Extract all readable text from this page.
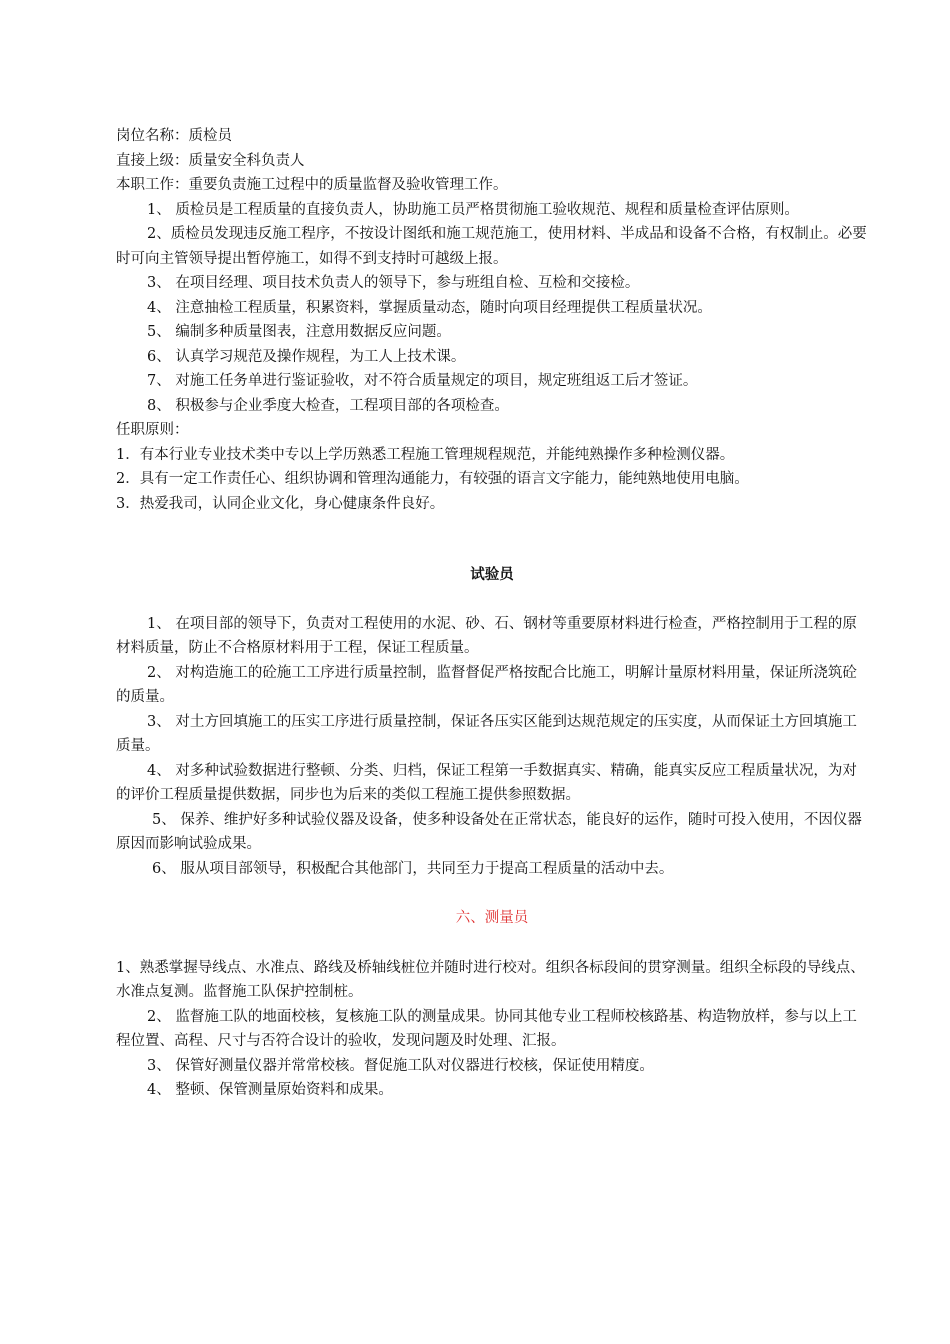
岗位名称：质检员

直接上级：质量安全科负责人

本职工作：重要负责施工过程中的质量监督及验收管理工作。

1、 质检员是工程质量的直接负责人，协助施工员严格贯彻施工验收规范、规程和质量检查评估原则。

2、质检员发现违反施工程序，不按设计图纸和施工规范施工，使用材料、半成品和设备不合格，有权制止。必要时可向主管领导提出暂停施工，如得不到支持时可越级上报。

3、 在项目经理、项目技术负责人的领导下，参与班组自检、互检和交接检。

4、 注意抽检工程质量，积累资料，掌握质量动态，随时向项目经理提供工程质量状况。

5、 编制多种质量图表，注意用数据反应问题。

6、 认真学习规范及操作规程，为工人上技术课。

7、 对施工任务单进行鉴证验收，对不符合质量规定的项目，规定班组返工后才签证。

8、 积极参与企业季度大检查，工程项目部的各项检查。

任职原则：

1．有本行业专业技术类中专以上学历熟悉工程施工管理规程规范，并能纯熟操作多种检测仪器。

2．具有一定工作责任心、组织协调和管理沟通能力，有较强的语言文字能力，能纯熟地使用电脑。

3．热爱我司，认同企业文化，身心健康条件良好。

试验员

1、 在项目部的领导下，负责对工程使用的水泥、砂、石、钢材等重要原材料进行检查，严格控制用于工程的原材料质量，防止不合格原材料用于工程，保证工程质量。

2、 对构造施工的砼施工工序进行质量控制，监督督促严格按配合比施工，明解计量原材料用量，保证所浇筑砼的质量。

3、 对土方回填施工的压实工序进行质量控制，保证各压实区能到达规范规定的压实度，从而保证土方回填施工质量。

4、 对多种试验数据进行整顿、分类、归档，保证工程第一手数据真实、精确，能真实反应工程质量状况，为对的评价工程质量提供数据，同步也为后来的类似工程施工提供参照数据。

5、 保养、维护好多种试验仪器及设备，使多种设备处在正常状态，能良好的运作，随时可投入使用，不因仪器原因而影响试验成果。

6、 服从项目部领导，积极配合其他部门，共同至力于提高工程质量的活动中去。

六、测量员

1、熟悉掌握导线点、水准点、路线及桥轴线桩位并随时进行校对。组织各标段间的贯穿测量。组织全标段的导线点、水准点复测。监督施工队保护控制桩。

2、 监督施工队的地面校核，复核施工队的测量成果。协同其他专业工程师校核路基、构造物放样，参与以上工程位置、高程、尺寸与否符合设计的验收，发现问题及时处理、汇报。

3、 保管好测量仪器并常常校核。督促施工队对仪器进行校核，保证使用精度。

4、 整顿、保管测量原始资料和成果。
